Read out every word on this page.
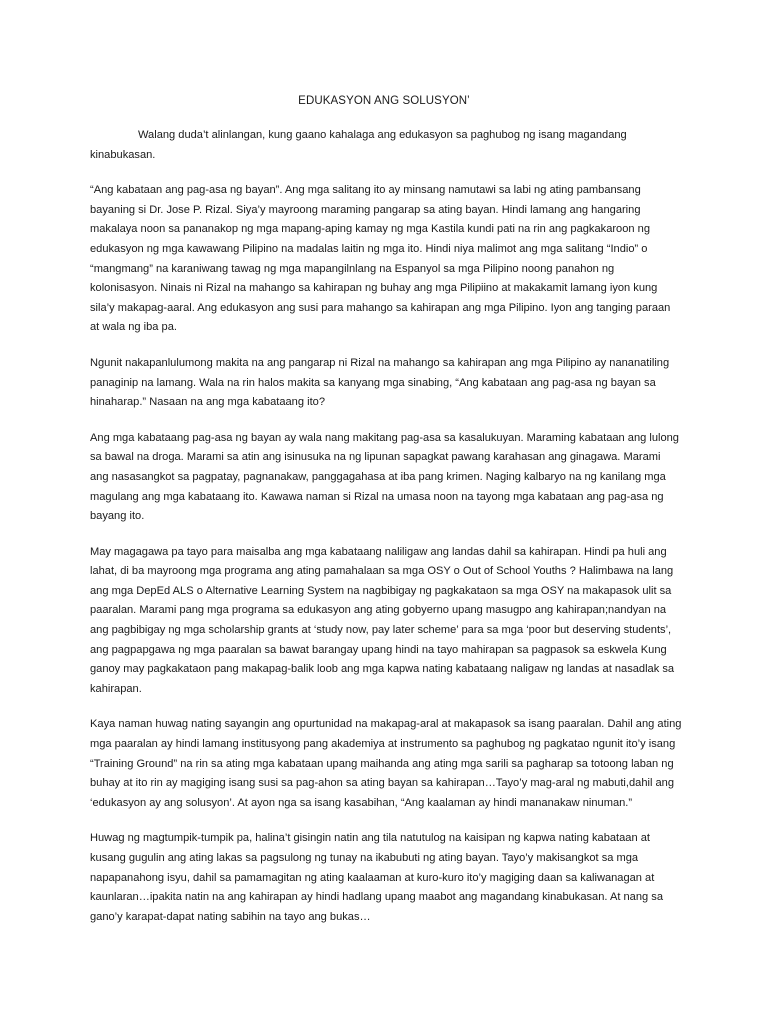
EDUKASYON ANG SOLUSYON’

Walang duda’t alinlangan, kung gaano kahalaga ang edukasyon sa paghubog ng isang magandang kinabukasan.

“Ang kabataan ang pag-asa ng bayan”. Ang mga salitang ito ay minsang namutawi sa labi ng ating pambansang bayaning si Dr. Jose P. Rizal. Siya’y mayroong maraming pangarap sa ating bayan. Hindi lamang ang hangaring makalaya noon sa pananakop ng mga mapang-aping kamay ng mga Kastila kundi pati na rin ang pagkakaroon ng edukasyon ng mga kawawang Pilipino na madalas laitin ng mga ito. Hindi niya malimot ang mga salitang “Indio” o “mangmang” na karaniwang tawag ng mga mapangilnlang na Espanyol sa mga Pilipino noong panahon ng kolonisasyon. Ninais ni Rizal na mahango sa kahirapan ng buhay ang mga Pilipiino at makakamit lamang iyon kung sila’y makapag-aaral. Ang edukasyon ang susi para mahango sa kahirapan ang mga Pilipino. Iyon ang tanging paraan at wala ng iba pa.

Ngunit nakapanlulumong makita na ang pangarap ni Rizal na mahango sa kahirapan ang mga Pilipino ay nananatiling panaginip na lamang. Wala na rin halos makita sa kanyang mga sinabing, “Ang kabataan ang pag-asa ng bayan sa hinaharap.” Nasaan na ang mga kabataang ito?

Ang mga kabataang pag-asa ng bayan ay wala nang makitang pag-asa sa kasalukuyan. Maraming kabataan ang lulong sa bawal na droga. Marami sa atin ang isinusuka na ng lipunan sapagkat pawang karahasan ang ginagawa. Marami ang nasasangkot sa pagpatay, pagnanakaw, panggagahasa at iba pang krimen. Naging kalbaryo na ng kanilang mga magulang ang mga kabataang ito. Kawawa naman si Rizal na umasa noon na tayong mga kabataan ang pag-asa ng bayang ito.

May magagawa pa tayo para maisalba ang mga kabataang naliligaw ang landas dahil sa kahirapan. Hindi pa huli ang lahat, di ba mayroong mga programa ang ating pamahalaan sa mga OSY o Out of School Youths ? Halimbawa na lang ang mga DepEd ALS o Alternative Learning System na nagbibigay ng pagkakataon sa mga OSY na makapasok ulit sa paaralan. Marami pang mga programa sa edukasyon ang ating gobyerno upang masugpo ang kahirapan;nandyan na ang pagbibigay ng mga scholarship grants at ‘study now, pay later scheme’ para sa mga ‘poor but deserving students’, ang pagpapgawa ng mga paaralan sa bawat barangay upang hindi na tayo mahirapan sa pagpasok sa eskwela Kung ganoy may pagkakataon pang makapag-balik loob ang mga kapwa nating kabataang naligaw ng landas at nasadlak sa kahirapan.

Kaya naman huwag nating sayangin ang opurtunidad na makapag-aral at makapasok sa isang paaralan. Dahil ang ating mga paaralan ay hindi lamang institusyong pang akademiya at instrumento sa paghubog ng pagkatao ngunit ito’y isang “Training Ground” na rin sa ating mga kabataan upang maihanda ang ating mga sarili sa pagharap sa totoong laban ng buhay at ito rin ay magiging isang susi sa pag-ahon sa ating bayan sa kahirapan…Tayo’y mag-aral ng mabuti,dahil ang ‘edukasyon ay ang solusyon’. At ayon nga sa isang kasabihan, “Ang kaalaman ay hindi mananakaw ninuman.”

Huwag ng magtumpik-tumpik pa, halina’t gisingin natin ang tila natutulog na kaisipan ng kapwa nating kabataan at kusang gugulin ang ating lakas sa pagsulong ng tunay na ikabubuti ng ating bayan. Tayo’y makisangkot sa mga napapanahong isyu, dahil sa pamamagitan ng ating kaalaaman at kuro-kuro ito’y magiging daan sa kaliwanagan at kaunlaran…ipakita natin na ang kahirapan ay hindi hadlang upang maabot ang magandang kinabukasan. At nang sa gano’y karapat-dapat nating sabihin na tayo ang bukas…
